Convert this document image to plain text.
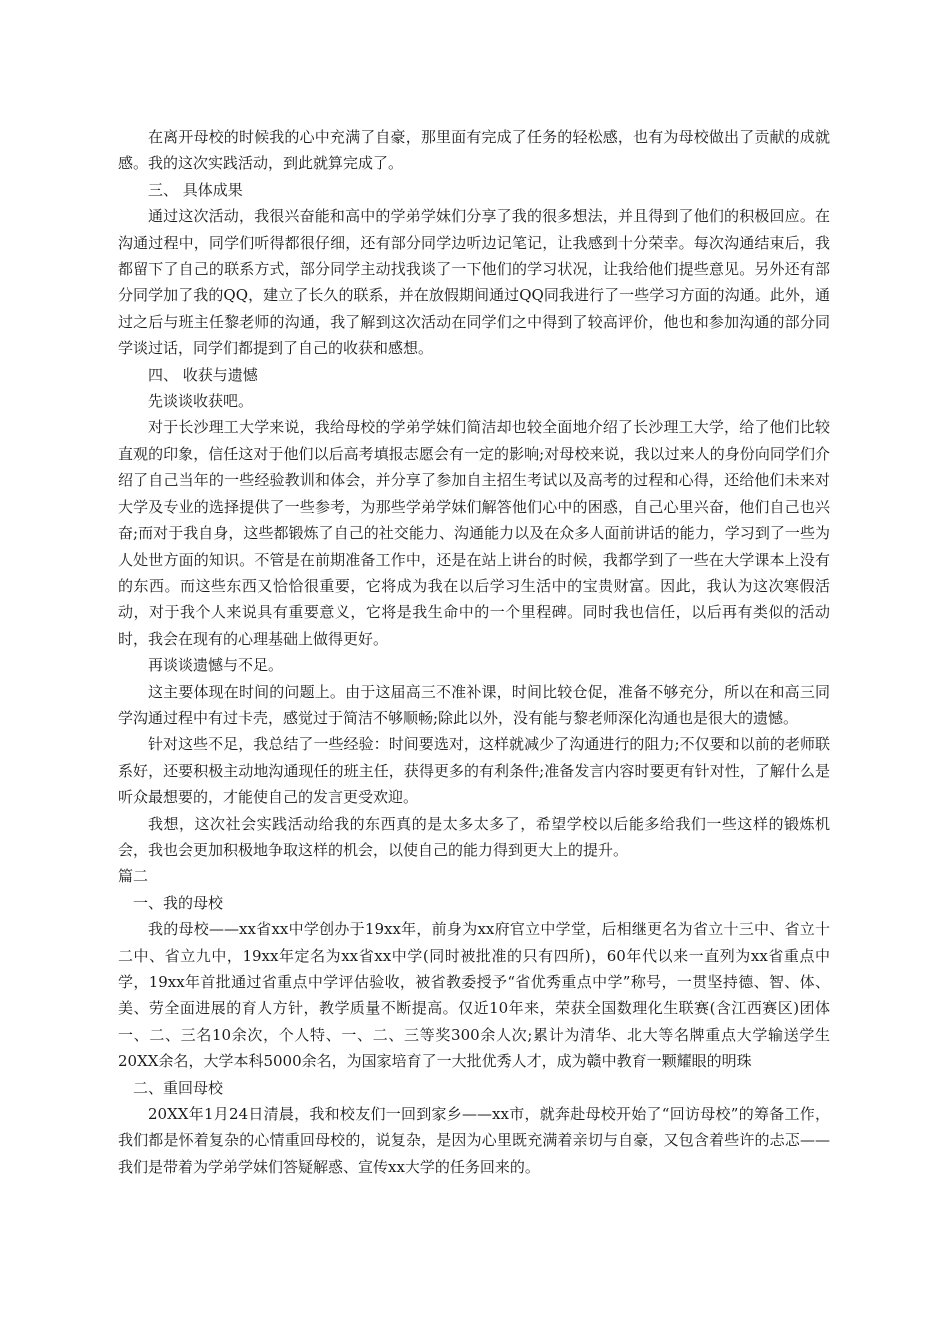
在离开母校的时候我的心中充满了自豪，那里面有完成了任务的轻松感，也有为母校做出了贡献的成就感。我的这次实践活动，到此就算完成了。

三、 具体成果

通过这次活动，我很兴奋能和高中的学弟学妹们分享了我的很多想法，并且得到了他们的积极回应。在沟通过程中，同学们听得都很仔细，还有部分同学边听边记笔记，让我感到十分荣幸。每次沟通结束后，我都留下了自己的联系方式，部分同学主动找我谈了一下他们的学习状况，让我给他们提些意见。另外还有部分同学加了我的QQ，建立了长久的联系，并在放假期间通过QQ同我进行了一些学习方面的沟通。此外，通过之后与班主任黎老师的沟通，我了解到这次活动在同学们之中得到了较高评价，他也和参加沟通的部分同学谈过话，同学们都提到了自己的收获和感想。

四、 收获与遗憾

先谈谈收获吧。

对于长沙理工大学来说，我给母校的学弟学妹们简洁却也较全面地介绍了长沙理工大学，给了他们比较直观的印象，信任这对于他们以后高考填报志愿会有一定的影响;对母校来说，我以过来人的身份向同学们介绍了自己当年的一些经验教训和体会，并分享了参加自主招生考试以及高考的过程和心得，还给他们未来对大学及专业的选择提供了一些参考，为那些学弟学妹们解答他们心中的困惑，自己心里兴奋，他们自己也兴奋;而对于我自身，这些都锻炼了自己的社交能力、沟通能力以及在众多人面前讲话的能力，学习到了一些为人处世方面的知识。不管是在前期准备工作中，还是在站上讲台的时候，我都学到了一些在大学课本上没有的东西。而这些东西又恰恰很重要，它将成为我在以后学习生活中的宝贵财富。因此，我认为这次寒假活动，对于我个人来说具有重要意义，它将是我生命中的一个里程碑。同时我也信任，以后再有类似的活动时，我会在现有的心理基础上做得更好。

再谈谈遗憾与不足。

这主要体现在时间的问题上。由于这届高三不准补课，时间比较仓促，准备不够充分，所以在和高三同学沟通过程中有过卡壳，感觉过于简洁不够顺畅;除此以外，没有能与黎老师深化沟通也是很大的遗憾。

针对这些不足，我总结了一些经验：时间要选对，这样就减少了沟通进行的阻力;不仅要和以前的老师联系好，还要积极主动地沟通现任的班主任，获得更多的有利条件;准备发言内容时要更有针对性，了解什么是听众最想要的，才能使自己的发言更受欢迎。

我想，这次社会实践活动给我的东西真的是太多太多了，希望学校以后能多给我们一些这样的锻炼机会，我也会更加积极地争取这样的机会，以使自己的能力得到更大上的提升。

篇二

一、我的母校

我的母校——xx省xx中学创办于19xx年，前身为xx府官立中学堂，后相继更名为省立十三中、省立十二中、省立九中，19xx年定名为xx省xx中学(同时被批准的只有四所)，60年代以来一直列为xx省重点中学，19xx年首批通过省重点中学评估验收，被省教委授予“省优秀重点中学”称号，一贯坚持德、智、体、美、劳全面进展的育人方针，教学质量不断提高。仅近10年来，荣获全国数理化生联赛(含江西赛区)团体一、二、三名10余次，个人特、一、二、三等奖300余人次;累计为清华、北大等名牌重点大学输送学生20XX余名，大学本科5000余名，为国家培育了一大批优秀人才，成为赣中教育一颗耀眼的明珠

二、重回母校

20XX年1月24日清晨，我和校友们一回到家乡——xx市，就奔赴母校开始了“回访母校”的筹备工作，我们都是怀着复杂的心情重回母校的，说复杂，是因为心里既充满着亲切与自豪，又包含着些许的忐忑——我们是带着为学弟学妹们答疑解惑、宣传xx大学的任务回来的。
